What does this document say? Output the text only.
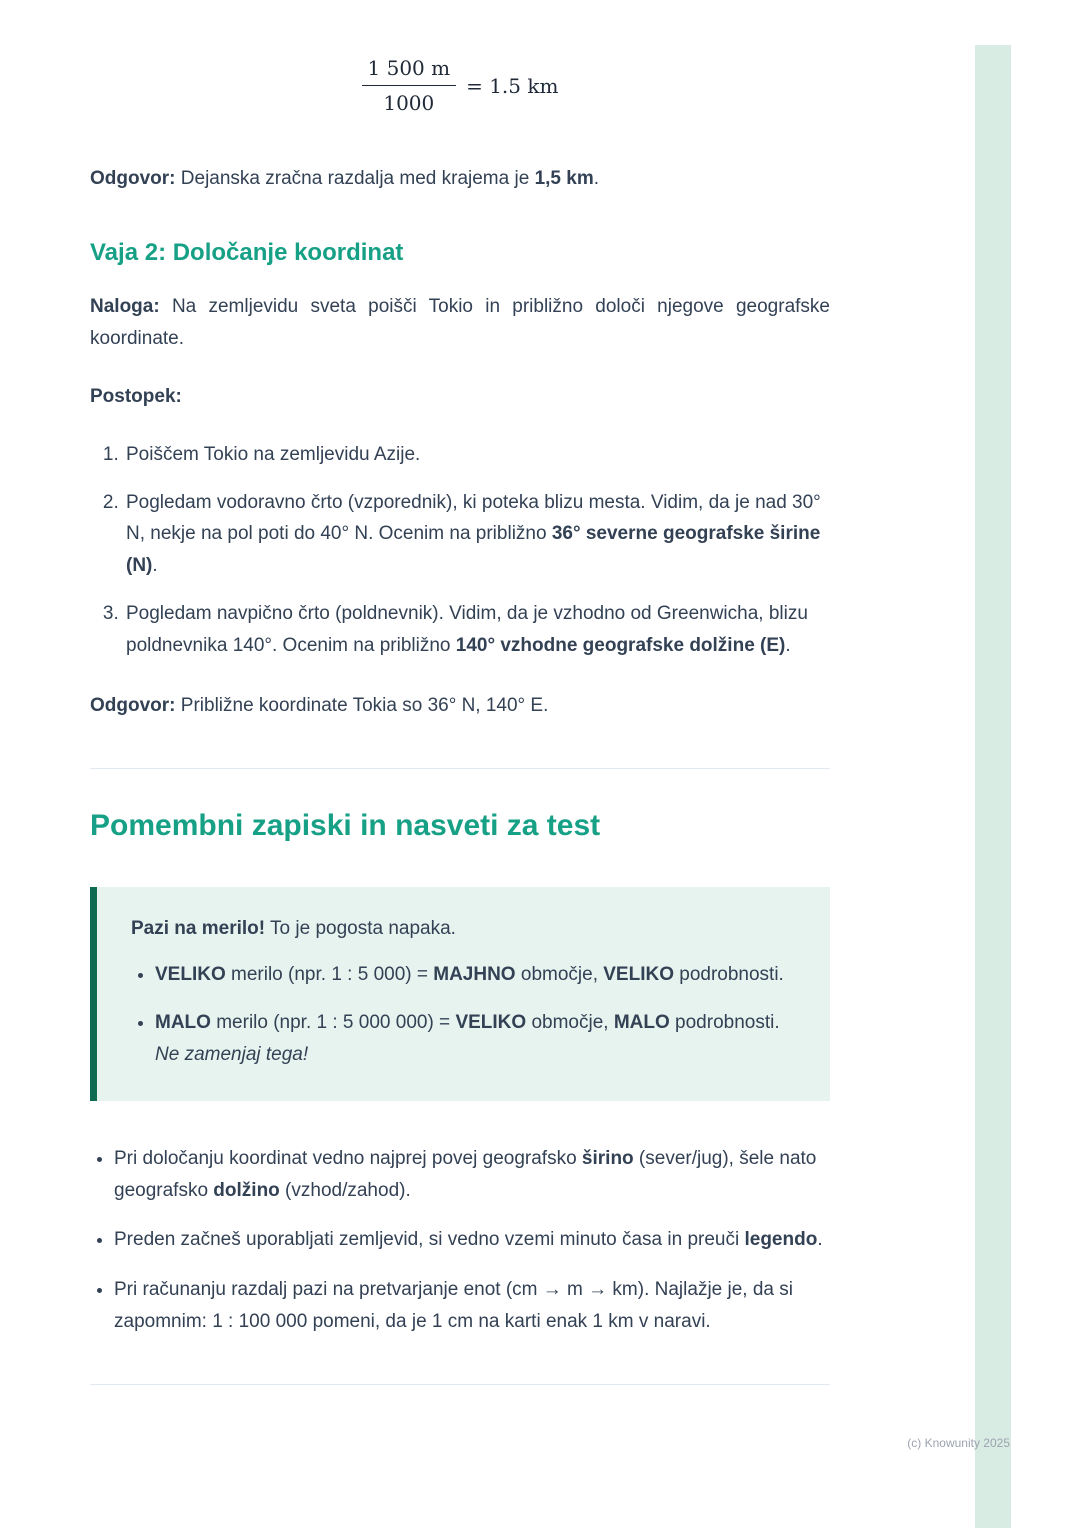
$\frac{1 500 m}{1000} = 1.5$ km

Odgovor: Dejanska zračna razdalja med krajema je 1,5 km.

Vaja 2: Določanje koordinat

Naloga: Na zemljevidu sveta poišči Tokio in približno določi njegove geografske koordinate.

Postopek:

1. Poiščem Tokio na zemljevidu Azije.
2. Pogledam vodoravno črto (vzporednik), ki poteka blizu mesta. Vidim, da je nad 30° N, nekje na pol poti do 40° N. Ocenim na približno 36° severne geografske širine (N).
3. Pogledam navpično črto (poldnevnik). Vidim, da je vzhodno od Greenwicha, blizu poldnevnika 140°. Ocenim na približno 140° vzhodne geografske dolžine (E).

Odgovor: Približne koordinate Tokia so 36° N, 140° E.

Pomembni zapiski in nasveti za test

Pazi na merilo! To je pogosta napaka.

• VELIKO merilo (npr. 1 : 5 000) = MAJHNO območje, VELIKO podrobnosti.
• MALO merilo (npr. 1 : 5 000 000) = VELIKO območje, MALO podrobnosti. Ne zamenjaj tega!
• Pri določanju koordinat vedno najprej povej geografsko širino (sever/jug), šele nato geografsko dolžino (vzhod/zahod).
• Preden začneš uporabljati zemljevid, si vedno vzemi minuto časa in preuči legendo.
• Pri računanju razdalj pazi na pretvarjanje enot (cm → m → km). Najlažje je, da si zapomnim: 1 : 100 000 pomeni, da je 1 cm na karti enak 1 km v naravi.
(c) Knowunity 2025
